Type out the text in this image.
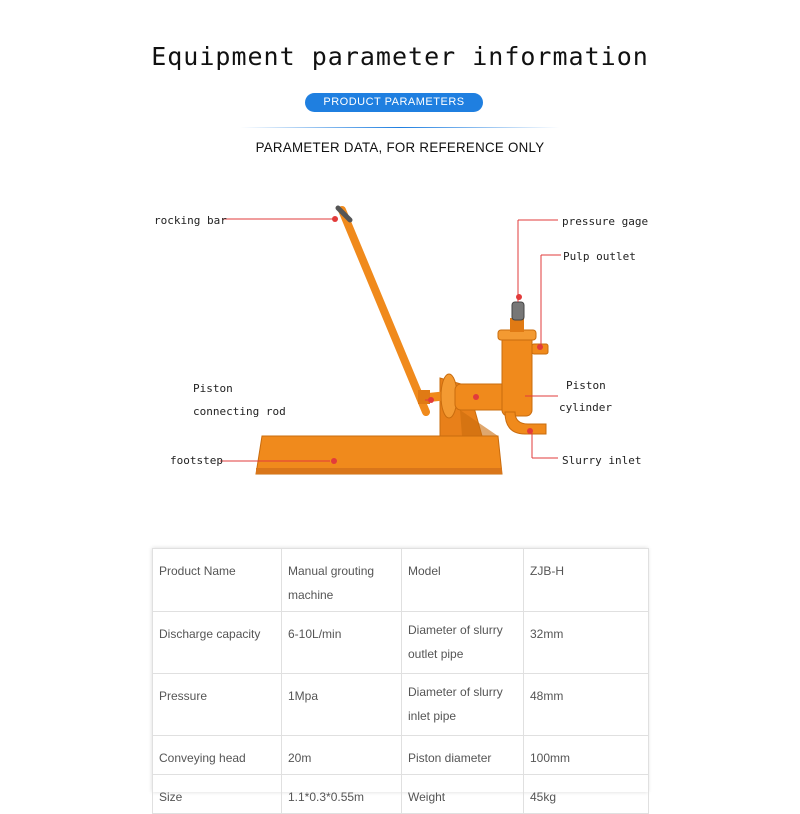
Equipment parameter information
PRODUCT PARAMETERS
PARAMETER DATA, FOR REFERENCE ONLY
rocking bar	pressure gage
Pulp outlet
Piston
connecting rod
Piston
cylinder
footstep	Slurry inlet
Product Name	Manual grouting machine	Model	ZJB-H
Discharge capacity	6-10L/min	Diameter of slurry outlet pipe	32mm
Pressure	1Mpa	Diameter of slurry inlet pipe	48mm
Conveying head	20m	Piston diameter	100mm
Size	1.1*0.3*0.55m	Weight	45kg
